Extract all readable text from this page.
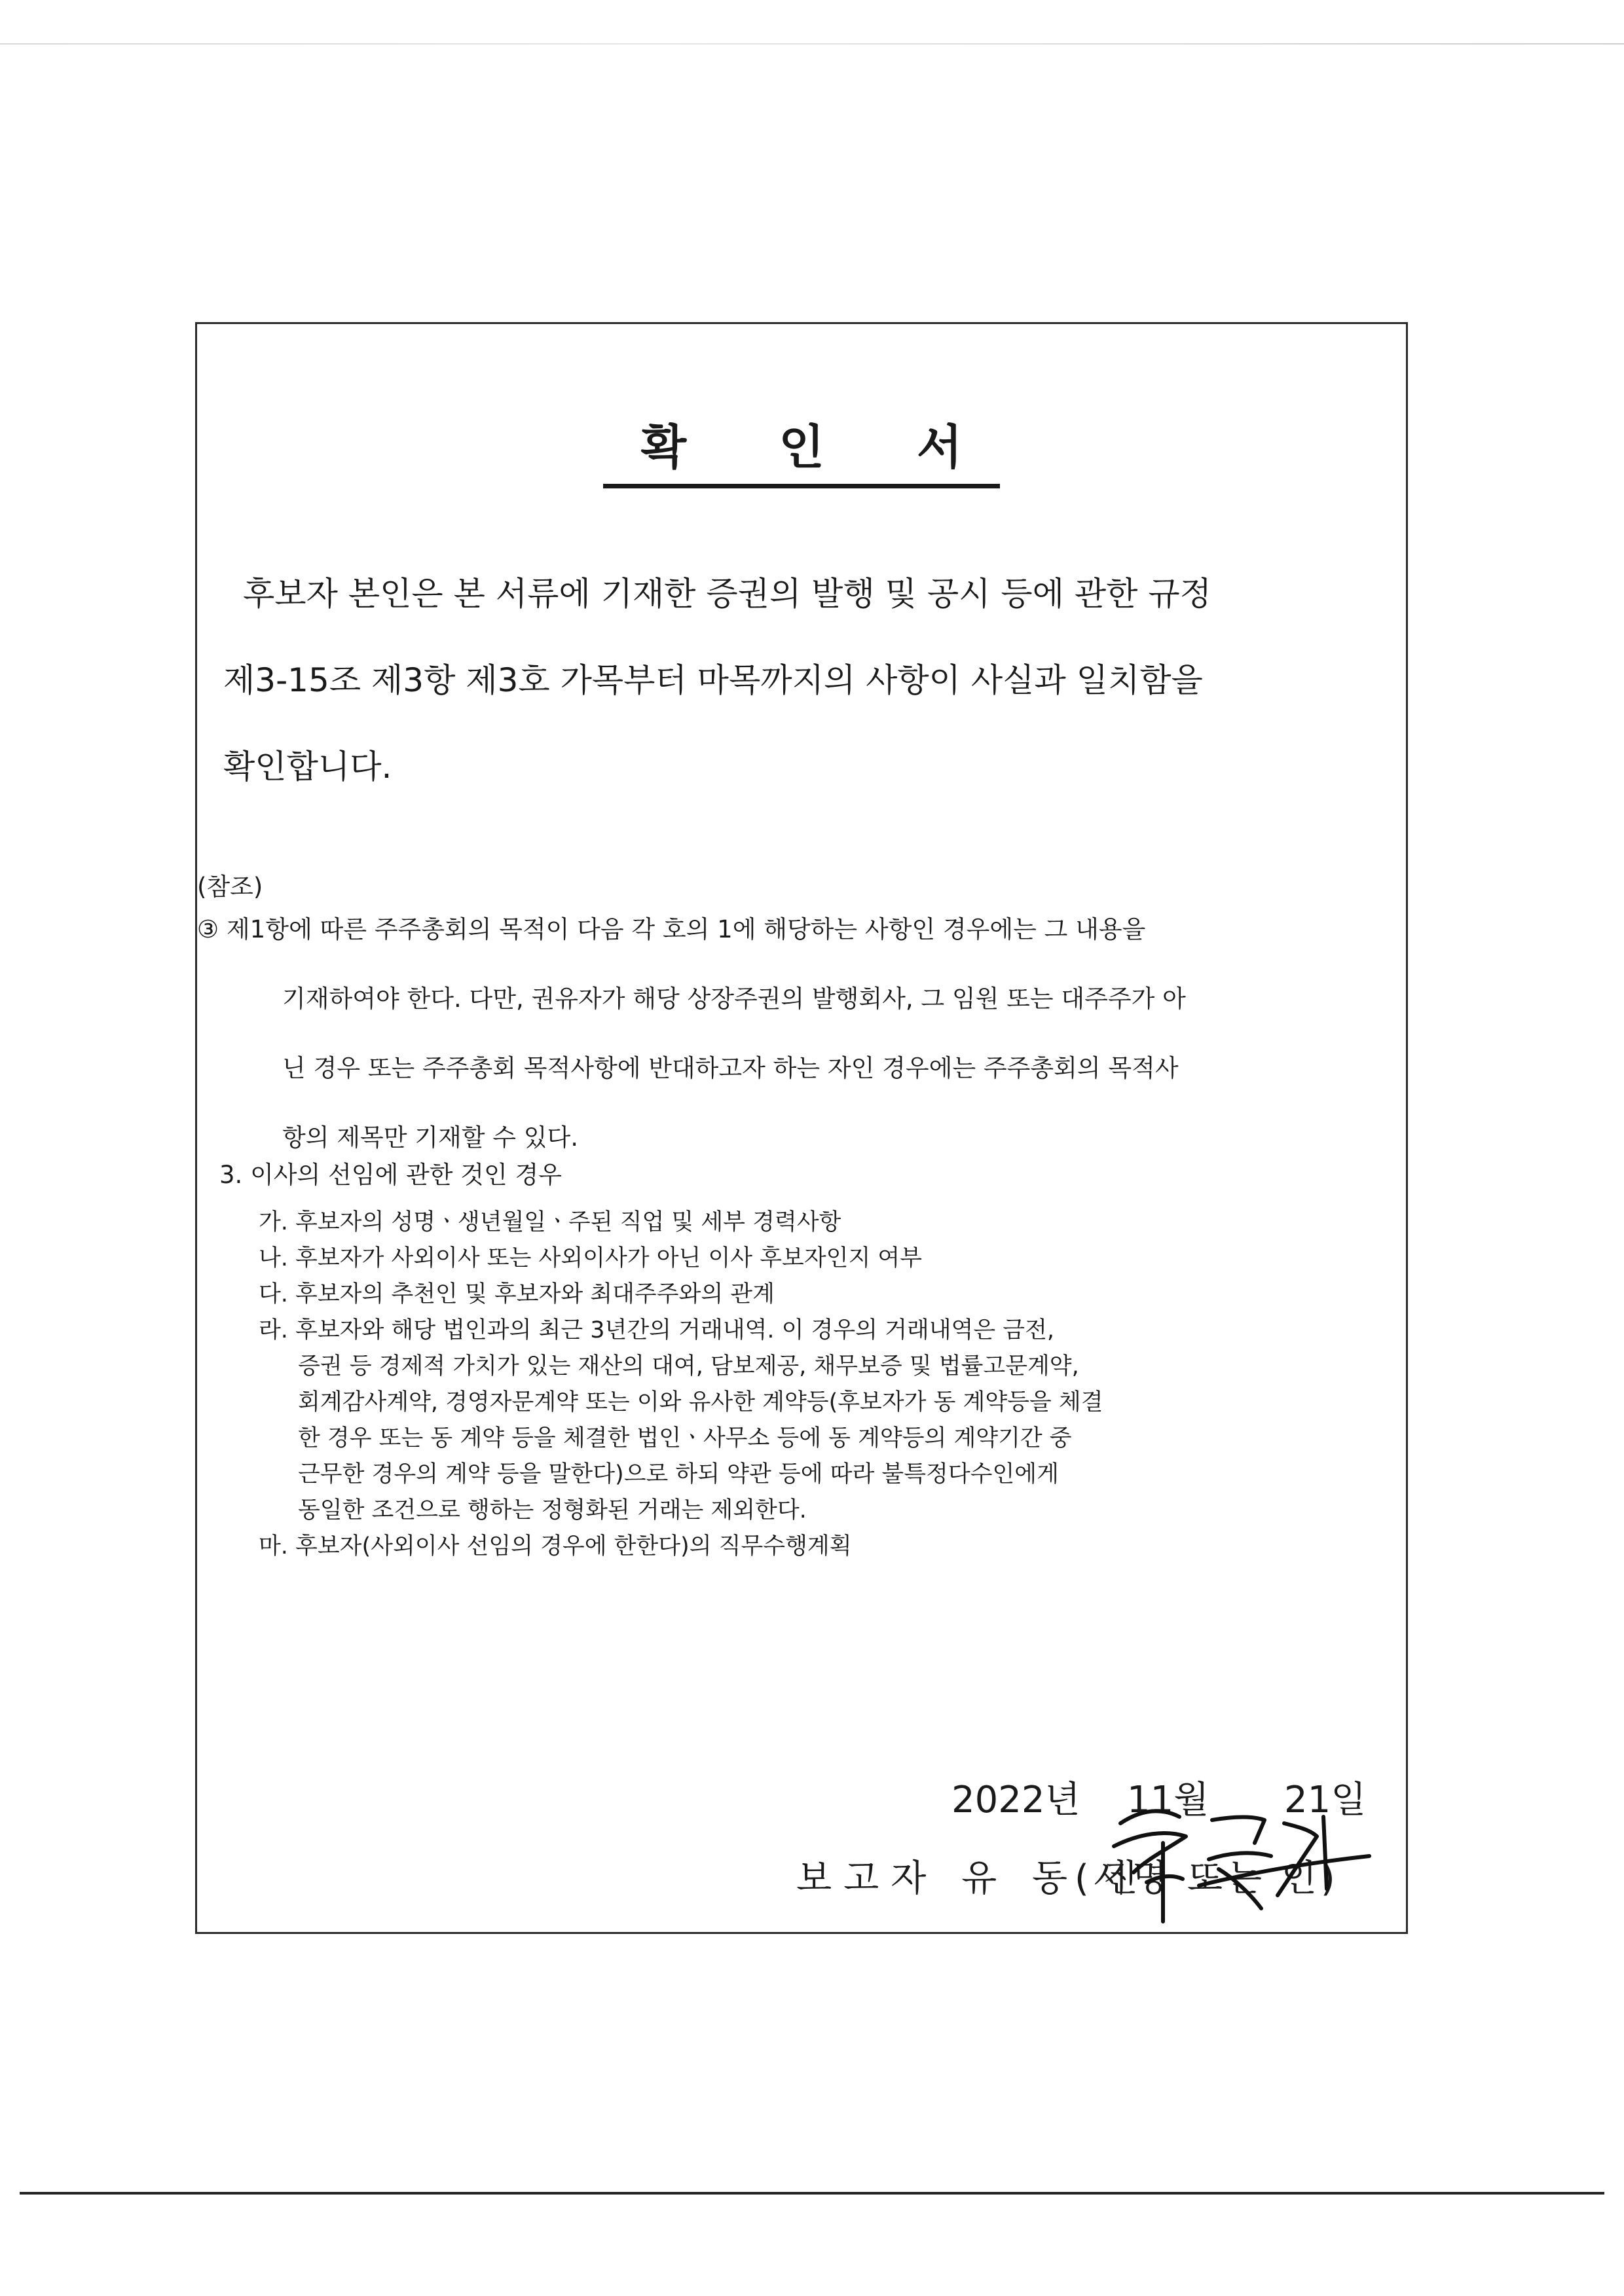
확 인 서
후보자 본인은 본 서류에 기재한 증권의 발행 및 공시 등에 관한 규정
제3-15조 제3항 제3호 가목부터 마목까지의 사항이 사실과 일치함을
확인합니다.
(참조)
③ 제1항에 따른 주주총회의 목적이 다음 각 호의 1에 해당하는 사항인 경우에는 그 내용을
기재하여야 한다. 다만, 권유자가 해당 상장주권의 발행회사, 그 임원 또는 대주주가 아
닌 경우 또는 주주총회 목적사항에 반대하고자 하는 자인 경우에는 주주총회의 목적사
항의 제목만 기재할 수 있다.
3. 이사의 선임에 관한 것인 경우
가. 후보자의 성명ㆍ생년월일ㆍ주된 직업 및 세부 경력사항
나. 후보자가 사외이사 또는 사외이사가 아닌 이사 후보자인지 여부
다. 후보자의 추천인 및 후보자와 최대주주와의 관계
라. 후보자와 해당 법인과의 최근 3년간의 거래내역. 이 경우의 거래내역은 금전,
증권 등 경제적 가치가 있는 재산의 대여, 담보제공, 채무보증 및 법률고문계약,
회계감사계약, 경영자문계약 또는 이와 유사한 계약등(후보자가 동 계약등을 체결
한 경우 또는 동 계약 등을 체결한 법인ㆍ사무소 등에 동 계약등의 계약기간 중
근무한 경우의 계약 등을 말한다)으로 하되 약관 등에 따라 불특정다수인에게
동일한 조건으로 행하는 정형화된 거래는 제외한다.
마. 후보자(사외이사 선임의 경우에 한한다)의 직무수행계획
2022년 11월 21일
보고자 유 동 진
(서명 또는 인)
